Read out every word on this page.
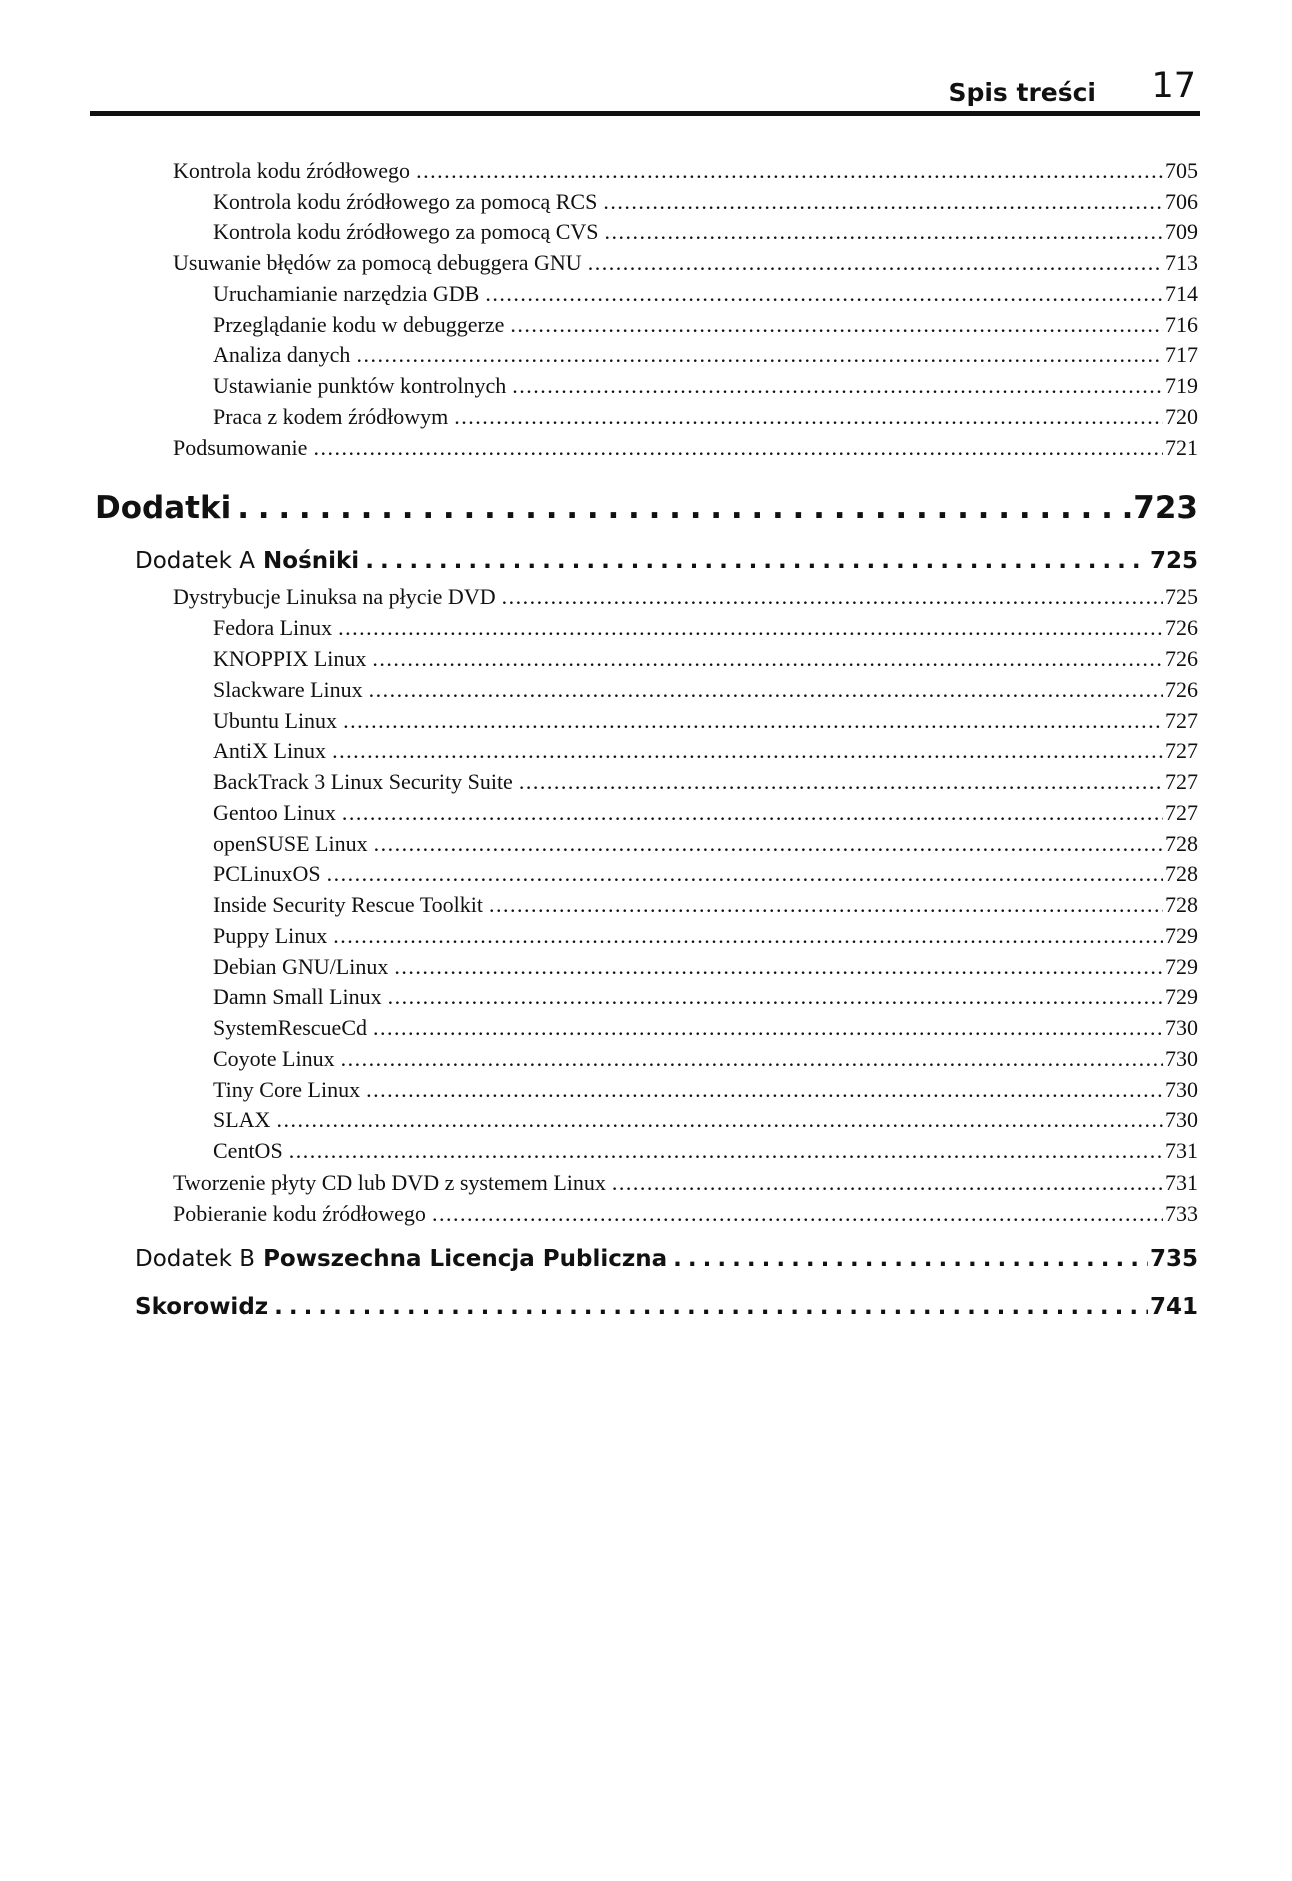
Spis treści 17
Kontrola kodu źródłowego . . .	705
Kontrola kodu źródłowego za pomocą RCS . . .	706
Kontrola kodu źródłowego za pomocą CVS . . .	709
Usuwanie błędów za pomocą debuggera GNU . . .	713
Uruchamianie narzędzia GDB . . .	714
Przeglądanie kodu w debuggerze . . .	716
Analiza danych . . .	717
Ustawianie punktów kontrolnych . . .	719
Praca z kodem źródłowym . . .	720
Podsumowanie . . .	721
Dodatki . . .	723
Dodatek A Nośniki . . .	725
Dystrybucje Linuksa na płycie DVD . . .	725
Fedora Linux . . .	726
KNOPPIX Linux . . .	726
Slackware Linux . . .	726
Ubuntu Linux . . .	727
AntiX Linux . . .	727
BackTrack 3 Linux Security Suite . . .	727
Gentoo Linux . . .	727
openSUSE Linux . . .	728
PCLinuxOS . . .	728
Inside Security Rescue Toolkit . . .	728
Puppy Linux . . .	729
Debian GNU/Linux . . .	729
Damn Small Linux . . .	729
SystemRescueCd . . .	730
Coyote Linux . . .	730
Tiny Core Linux . . .	730
SLAX . . .	730
CentOS . . .	731
Tworzenie płyty CD lub DVD z systemem Linux . . .	731
Pobieranie kodu źródłowego . . .	733
Dodatek B Powszechna Licencja Publiczna . . .	735
Skorowidz . . .	741
